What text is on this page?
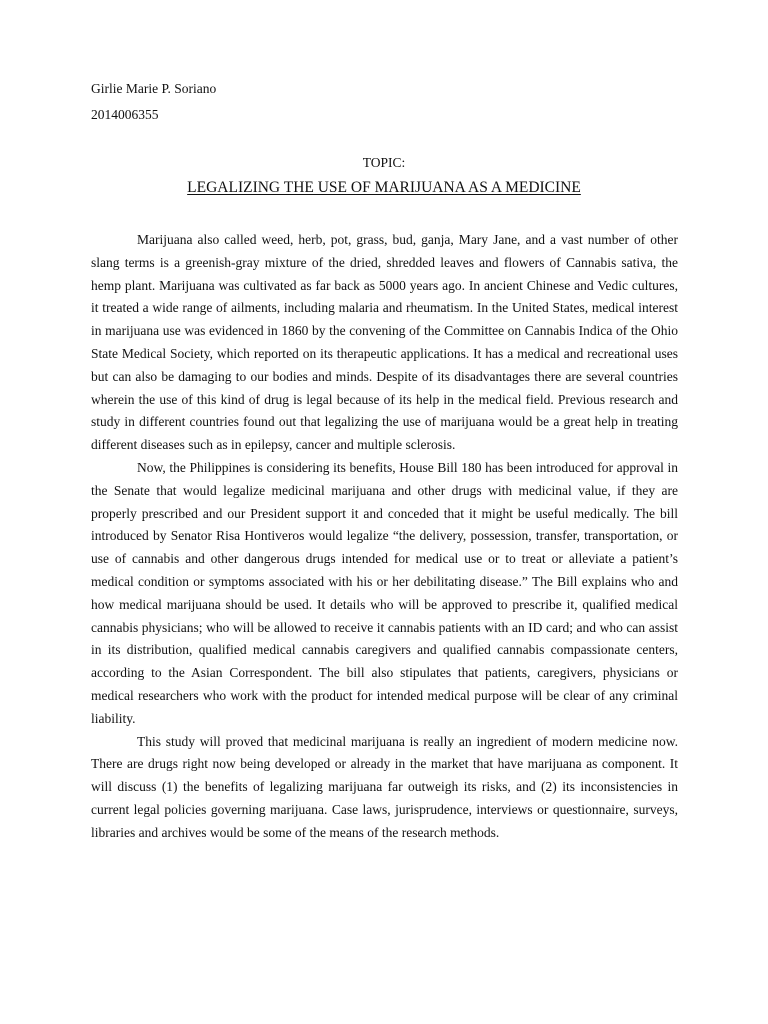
Girlie Marie P. Soriano
2014006355
TOPIC:
LEGALIZING THE USE OF MARIJUANA AS A MEDICINE

Marijuana also called weed, herb, pot, grass, bud, ganja, Mary Jane, and a vast number of other slang terms is a greenish-gray mixture of the dried, shredded leaves and flowers of Cannabis sativa, the hemp plant. Marijuana was cultivated as far back as 5000 years ago. In ancient Chinese and Vedic cultures, it treated a wide range of ailments, including malaria and rheumatism. In the United States, medical interest in marijuana use was evidenced in 1860 by the convening of the Committee on Cannabis Indica of the Ohio State Medical Society, which reported on its therapeutic applications. It has a medical and recreational uses but can also be damaging to our bodies and minds. Despite of its disadvantages there are several countries wherein the use of this kind of drug is legal because of its help in the medical field. Previous research and study in different countries found out that legalizing the use of marijuana would be a great help in treating different diseases such as in epilepsy, cancer and multiple sclerosis.

Now, the Philippines is considering its benefits, House Bill 180 has been introduced for approval in the Senate that would legalize medicinal marijuana and other drugs with medicinal value, if they are properly prescribed and our President support it and conceded that it might be useful medically. The bill introduced by Senator Risa Hontiveros would legalize “the delivery, possession, transfer, transportation, or use of cannabis and other dangerous drugs intended for medical use or to treat or alleviate a patient’s medical condition or symptoms associated with his or her debilitating disease.” The Bill explains who and how medical marijuana should be used. It details who will be approved to prescribe it, qualified medical cannabis physicians; who will be allowed to receive it cannabis patients with an ID card; and who can assist in its distribution, qualified medical cannabis caregivers and qualified cannabis compassionate centers, according to the Asian Correspondent. The bill also stipulates that patients, caregivers, physicians or medical researchers who work with the product for intended medical purpose will be clear of any criminal liability.

This study will proved that medicinal marijuana is really an ingredient of modern medicine now. There are drugs right now being developed or already in the market that have marijuana as component. It will discuss (1) the benefits of legalizing marijuana far outweigh its risks, and (2) its inconsistencies in current legal policies governing marijuana. Case laws, jurisprudence, interviews or questionnaire, surveys, libraries and archives would be some of the means of the research methods.
